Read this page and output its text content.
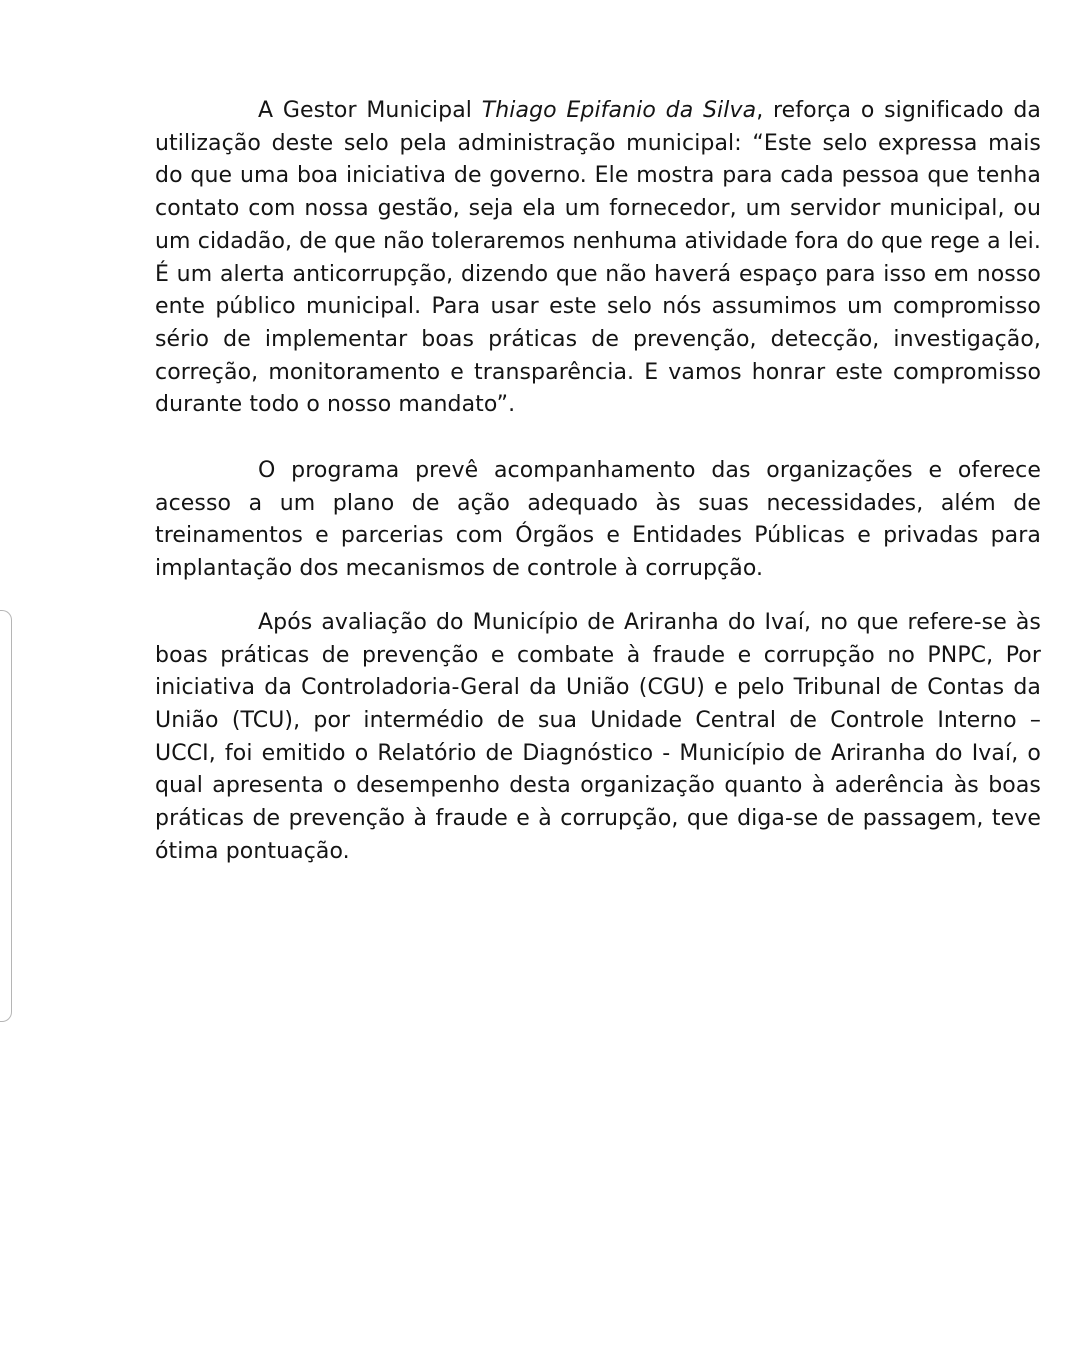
A Gestor Municipal Thiago Epifanio da Silva, reforça o significado da utilização deste selo pela administração municipal: “Este selo expressa mais do que uma boa iniciativa de governo. Ele mostra para cada pessoa que tenha contato com nossa gestão, seja ela um fornecedor, um servidor municipal, ou um cidadão, de que não toleraremos nenhuma atividade fora do que rege a lei. É um alerta anticorrupção, dizendo que não haverá espaço para isso em nosso ente público municipal. Para usar este selo nós assumimos um compromisso sério de implementar boas práticas de prevenção, detecção, investigação, correção, monitoramento e transparência. E vamos honrar este compromisso durante todo o nosso mandato”.

O programa prevê acompanhamento das organizações e oferece acesso a um plano de ação adequado às suas necessidades, além de treinamentos e parcerias com Órgãos e Entidades Públicas e privadas para implantação dos mecanismos de controle à corrupção.

Após avaliação do Município de Ariranha do Ivaí, no que refere-se às boas práticas de prevenção e combate à fraude e corrupção no PNPC, Por iniciativa da Controladoria-Geral da União (CGU) e pelo Tribunal de Contas da União (TCU), por intermédio de sua Unidade Central de Controle Interno – UCCI, foi emitido o Relatório de Diagnóstico - Município de Ariranha do Ivaí, o qual apresenta o desempenho desta organização quanto à aderência às boas práticas de prevenção à fraude e à corrupção, que diga-se de passagem, teve ótima pontuação.
